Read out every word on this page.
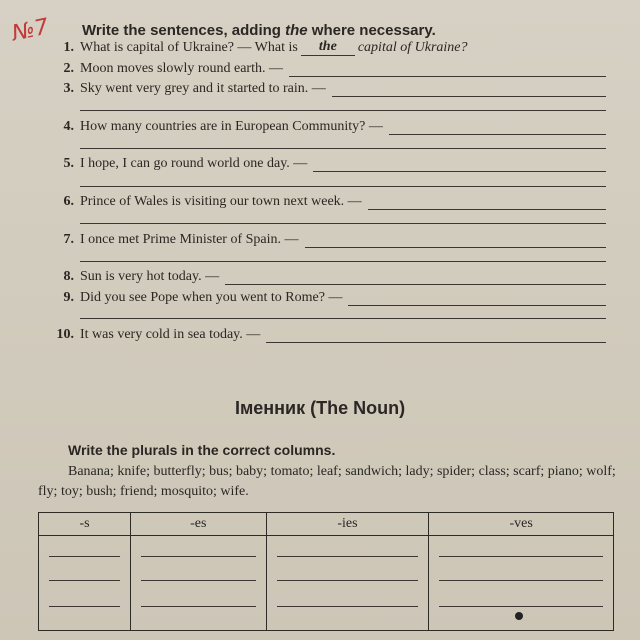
№7 Write the sentences, adding the where necessary.
1. What is capital of Ukraine? — What is	the	capital of Ukraine?
2. Moon moves slowly round earth. —
3. Sky went very grey and it started to rain. —
4. How many countries are in European Community? —
5. I hope, I can go round world one day. —
6. Prince of Wales is visiting our town next week. —
7. I once met Prime Minister of Spain. —
8. Sun is very hot today. —
9. Did you see Pope when you went to Rome? —
10. It was very cold in sea today. —
Іменник (The Noun)
Write the plurals in the correct columns.
Banana; knife; butterfly; bus; baby; tomato; leaf; sandwich; lady; spider; class; scarf; piano; wolf; fly; toy; bush; friend; mosquito; wife.
-s	-es	-ies	-ves
